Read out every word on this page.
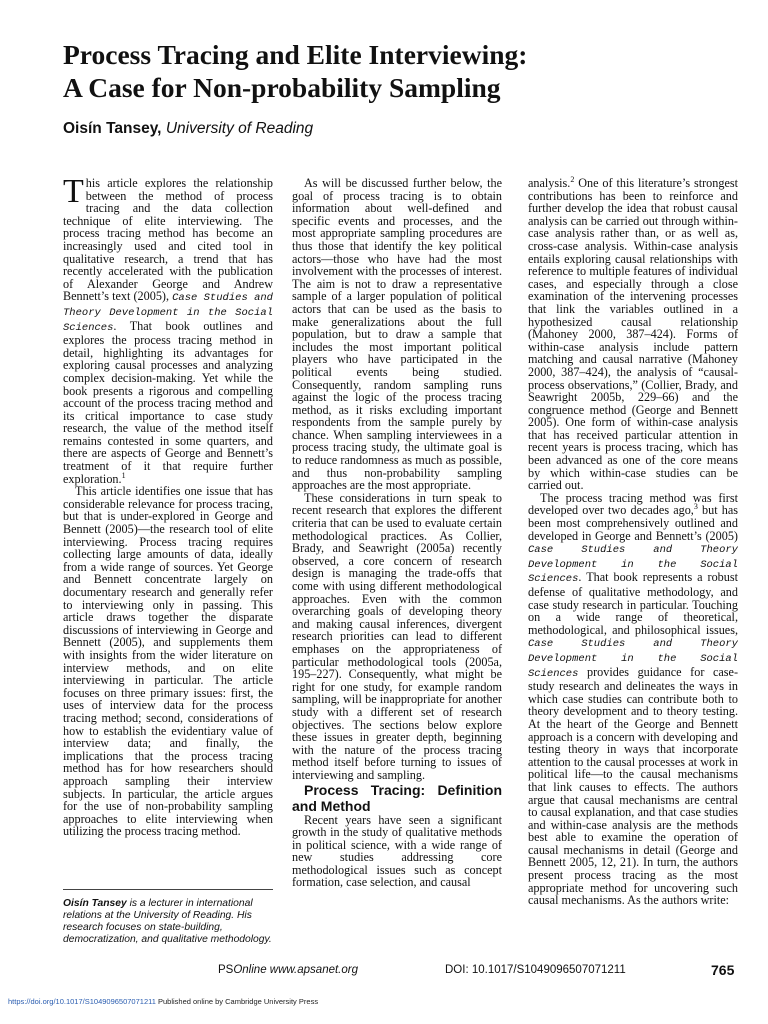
Process Tracing and Elite Interviewing:
A Case for Non-probability Sampling

Oisín Tansey, University of Reading

This article explores the relationship between the method of process tracing and the data collection technique of elite interviewing. The process tracing method has become an increasingly used and cited tool in qualitative research, a trend that has recently accelerated with the publication of Alexander George and Andrew Bennett’s text (2005), Case Studies and Theory Development in the Social Sciences. That book outlines and explores the process tracing method in detail, highlighting its advantages for exploring causal processes and analyzing complex decision-making. Yet while the book presents a rigorous and compelling account of the process tracing method and its critical importance to case study research, the value of the method itself remains contested in some quarters, and there are aspects of George and Bennett’s treatment of it that require further exploration.$^1$

This article identifies one issue that has considerable relevance for process tracing, but that is under-explored in George and Bennett (2005)—the research tool of elite interviewing. Process tracing requires collecting large amounts of data, ideally from a wide range of sources. Yet George and Bennett concentrate largely on documentary research and generally refer to interviewing only in passing. This article draws together the disparate discussions of interviewing in George and Bennett (2005), and supplements them with insights from the wider literature on interview methods, and on elite interviewing in particular. The article focuses on three primary issues: first, the uses of interview data for the process tracing method; second, considerations of how to establish the evidentiary value of interview data; and finally, the implications that the process tracing method has for how researchers should approach sampling their interview subjects. In particular, the article argues for the use of non-probability sampling approaches to elite interviewing when utilizing the process tracing method.

Oisín Tansey is a lecturer in international relations at the University of Reading. His research focuses on state-building, democratization, and qualitative methodology.

As will be discussed further below, the goal of process tracing is to obtain information about well-defined and specific events and processes, and the most appropriate sampling procedures are thus those that identify the key political actors—those who have had the most involvement with the processes of interest. The aim is not to draw a representative sample of a larger population of political actors that can be used as the basis to make generalizations about the full population, but to draw a sample that includes the most important political players who have participated in the political events being studied. Consequently, random sampling runs against the logic of the process tracing method, as it risks excluding important respondents from the sample purely by chance. When sampling interviewees in a process tracing study, the ultimate goal is to reduce randomness as much as possible, and thus non-probability sampling approaches are the most appropriate.

These considerations in turn speak to recent research that explores the different criteria that can be used to evaluate certain methodological practices. As Collier, Brady, and Seawright (2005a) recently observed, a core concern of research design is managing the trade-offs that come with using different methodological approaches. Even with the common overarching goals of developing theory and making causal inferences, divergent research priorities can lead to different emphases on the appropriateness of particular methodological tools (2005a, 195–227). Consequently, what might be right for one study, for example random sampling, will be inappropriate for another study with a different set of research objectives. The sections below explore these issues in greater depth, beginning with the nature of the process tracing method itself before turning to issues of interviewing and sampling.

Process Tracing: Definition and Method

Recent years have seen a significant growth in the study of qualitative methods in political science, with a wide range of new studies addressing core methodological issues such as concept formation, case selection, and causal

analysis.$^2$ One of this literature’s strongest contributions has been to reinforce and further develop the idea that robust causal analysis can be carried out through within-case analysis rather than, or as well as, cross-case analysis. Within-case analysis entails exploring causal relationships with reference to multiple features of individual cases, and especially through a close examination of the intervening processes that link the variables outlined in a hypothesized causal relationship (Mahoney 2000, 387–424). Forms of within-case analysis include pattern matching and causal narrative (Mahoney 2000, 387–424), the analysis of “causal-process observations,” (Collier, Brady, and Seawright 2005b, 229–66) and the congruence method (George and Bennett 2005). One form of within-case analysis that has received particular attention in recent years is process tracing, which has been advanced as one of the core means by which within-case studies can be carried out.

The process tracing method was first developed over two decades ago,$^3$ but has been most comprehensively outlined and developed in George and Bennett’s (2005) Case Studies and Theory Development in the Social Sciences. That book represents a robust defense of qualitative methodology, and case study research in particular. Touching on a wide range of theoretical, methodological, and philosophical issues, Case Studies and Theory Development in the Social Sciences provides guidance for case-study research and delineates the ways in which case studies can contribute both to theory development and to theory testing. At the heart of the George and Bennett approach is a concern with developing and testing theory in ways that incorporate attention to the causal processes at work in political life—to the causal mechanisms that link causes to effects. The authors argue that causal mechanisms are central to causal explanation, and that case studies and within-case analysis are the methods best able to examine the operation of causal mechanisms in detail (George and Bennett 2005, 12, 21). In turn, the authors present process tracing as the most appropriate method for uncovering such causal mechanisms. As the authors write:

PSOnline www.apsanet.org	DOI: 10.1017/S1049096507071211	765
https://doi.org/10.1017/S1049096507071211 Published online by Cambridge University Press
